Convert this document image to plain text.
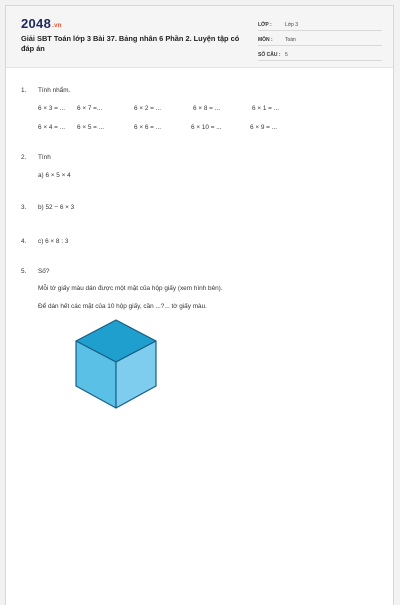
2048.vn
Giải SBT Toán lớp 3 Bài 37. Bảng nhân 6 Phần 2. Luyện tập có đáp án
LỚP :	Lớp 3
MÔN : Toán
SỐ CÂU : 5
1. Tính nhẩm.
6 × 3 = ... 6 × 7 =...	6 × 2 = ...	6 × 8 = ...	6 × 1 = ...
6 × 4 = ... 6 × 5 = ...	6 × 6 = ...	6 × 10 = ...	6 × 9 = ...
2. Tính
a) 6 × 5 × 4
3. b) 52 − 6 × 3
4. c) 6 × 8 : 3
5. Số?
Mỗi tờ giấy màu dán được một mặt của hộp giấy (xem hình bên).
Để dán hết các mặt của 10 hộp giấy, cần ...?... tờ giấy màu.
